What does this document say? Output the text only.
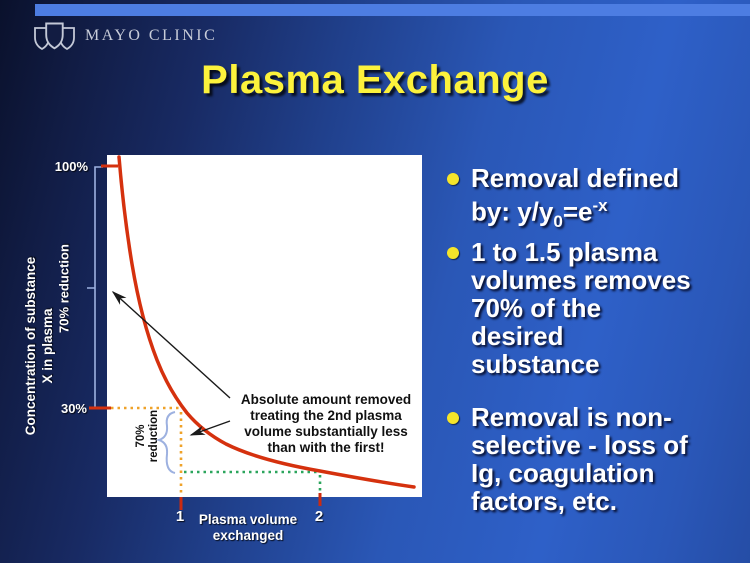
MAYO CLINIC
Plasma Exchange
100%
30%
Concentration of substance X in plasma
70% reduction
70% reduction
Absolute amount removed
treating the 2nd plasma
volume substantially less
than with the first!
1	2
Plasma volume
exchanged
Removal defined
by: $y/y_0=e^{-x}$
1 to 1.5 plasma
volumes removes
70% of the
desired
substance
Removal is non-
selective - loss of
Ig, coagulation
factors, etc.
